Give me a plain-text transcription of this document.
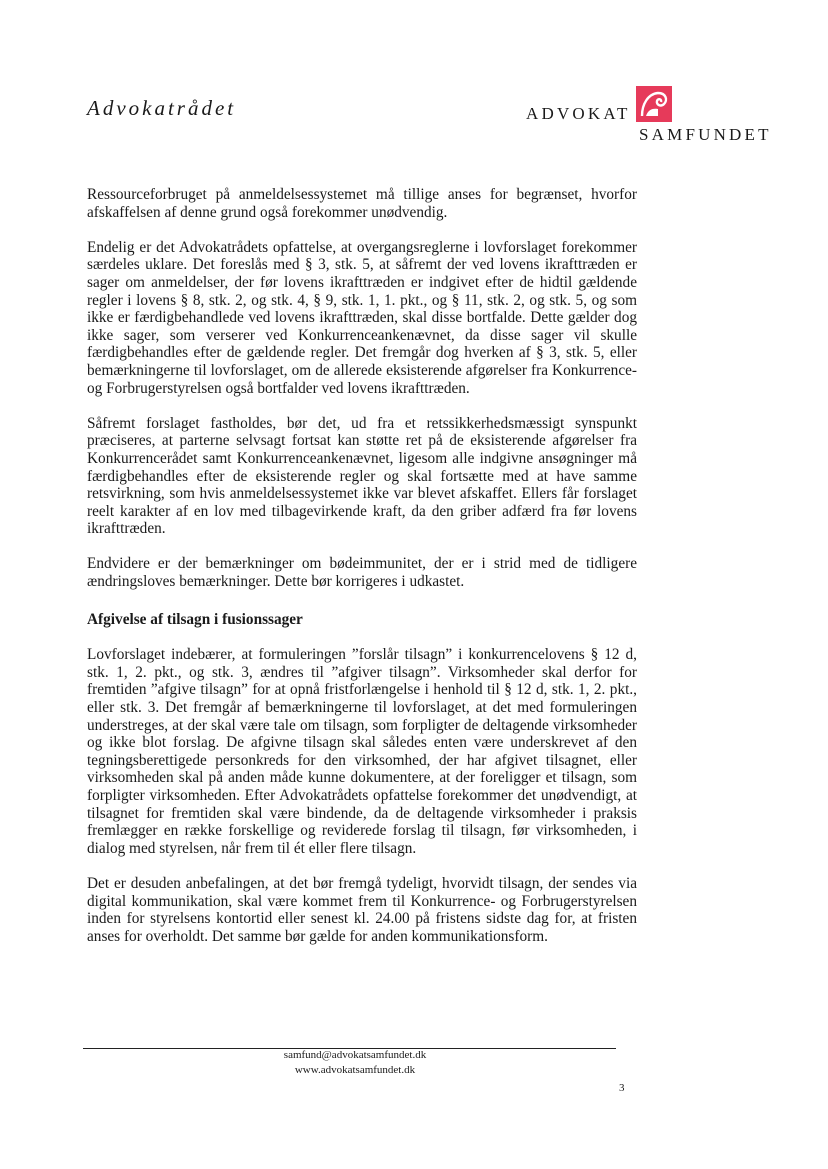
Advokatrådet	ADVOKAT
SAMFUNDET

Ressourceforbruget på anmeldelsessystemet må tillige anses for begrænset, hvorfor afskaffelsen af denne grund også forekommer unødvendig.

Endelig er det Advokatrådets opfattelse, at overgangsreglerne i lovforslaget forekommer særdeles uklare. Det foreslås med § 3, stk. 5, at såfremt der ved lovens ikrafttræden er sager om anmeldelser, der før lovens ikrafttræden er indgivet efter de hidtil gældende regler i lovens § 8, stk. 2, og stk. 4, § 9, stk. 1, 1. pkt., og § 11, stk. 2, og stk. 5, og som ikke er færdigbehandlede ved lovens ikrafttræden, skal disse bortfalde. Dette gælder dog ikke sager, som verserer ved Konkurrenceankenævnet, da disse sager vil skulle færdigbehandles efter de gældende regler. Det fremgår dog hverken af § 3, stk. 5, eller bemærkningerne til lovforslaget, om de allerede eksisterende afgørelser fra Konkurrence- og Forbrugerstyrelsen også bortfalder ved lovens ikrafttræden.

Såfremt forslaget fastholdes, bør det, ud fra et retssikkerhedsmæssigt synspunkt præciseres, at parterne selvsagt fortsat kan støtte ret på de eksisterende afgørelser fra Konkurrencerådet samt Konkurrenceankenævnet, ligesom alle indgivne ansøgninger må færdigbehandles efter de eksisterende regler og skal fortsætte med at have samme retsvirkning, som hvis anmeldelsessystemet ikke var blevet afskaffet. Ellers får forslaget reelt karakter af en lov med tilbagevirkende kraft, da den griber adfærd fra før lovens ikrafttræden.

Endvidere er der bemærkninger om bødeimmunitet, der er i strid med de tidligere ændringsloves bemærkninger. Dette bør korrigeres i udkastet.

Afgivelse af tilsagn i fusionssager

Lovforslaget indebærer, at formuleringen ”forslår tilsagn” i konkurrencelovens § 12 d, stk. 1, 2. pkt., og stk. 3, ændres til ”afgiver tilsagn”. Virksomheder skal derfor for fremtiden ”afgive tilsagn” for at opnå fristforlængelse i henhold til § 12 d, stk. 1, 2. pkt., eller stk. 3. Det fremgår af bemærkningerne til lovforslaget, at det med formuleringen understreges, at der skal være tale om tilsagn, som forpligter de deltagende virksomheder og ikke blot forslag. De afgivne tilsagn skal således enten være underskrevet af den tegningsberettigede personkreds for den virksomhed, der har afgivet tilsagnet, eller virksomheden skal på anden måde kunne dokumentere, at der foreligger et tilsagn, som forpligter virksomheden. Efter Advokatrådets opfattelse forekommer det unødvendigt, at tilsagnet for fremtiden skal være bindende, da de deltagende virksomheder i praksis fremlægger en række forskellige og reviderede forslag til tilsagn, før virksomheden, i dialog med styrelsen, når frem til ét eller flere tilsagn.

Det er desuden anbefalingen, at det bør fremgå tydeligt, hvorvidt tilsagn, der sendes via digital kommunikation, skal være kommet frem til Konkurrence- og Forbrugerstyrelsen inden for styrelsens kontortid eller senest kl. 24.00 på fristens sidste dag for, at fristen anses for overholdt. Det samme bør gælde for anden kommunikationsform.

samfund@advokatsamfundet.dk
www.advokatsamfundet.dk
3
